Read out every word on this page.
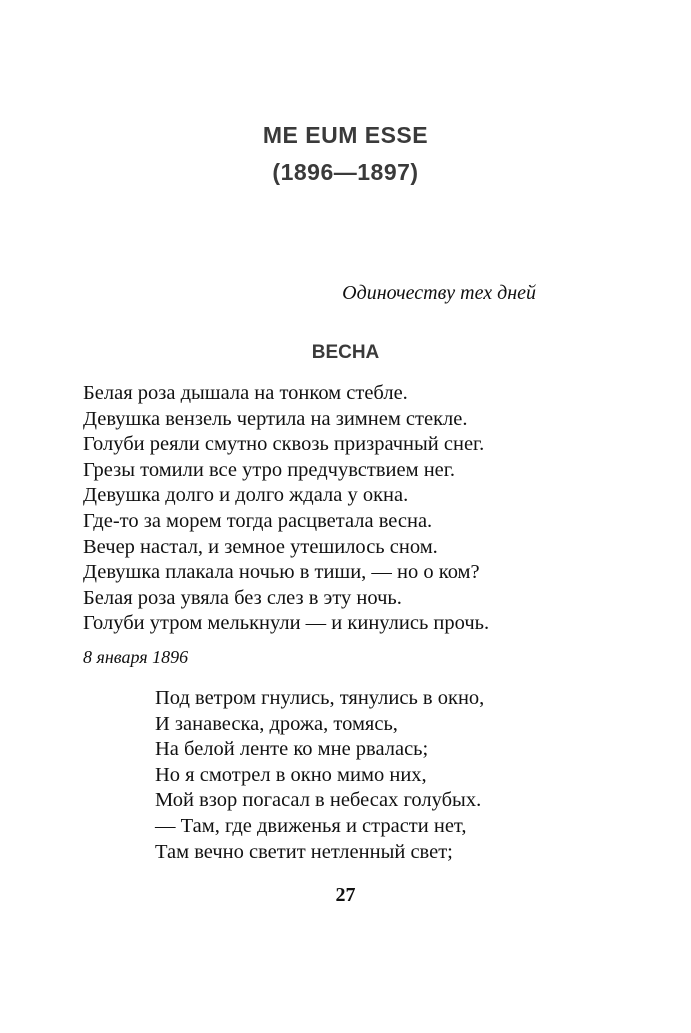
ME EUM ESSE
(1896—1897)

Одиночеству тех дней

ВЕСНА
Белая роза дышала на тонком стебле.
Девушка вензель чертила на зимнем стекле.
Голуби реяли смутно сквозь призрачный снег.
Грезы томили все утро предчувствием нег.
Девушка долго и долго ждала у окна.
Где-то за морем тогда расцветала весна.
Вечер настал, и земное утешилось сном.
Девушка плакала ночью в тиши, — но о ком?
Белая роза увяла без слез в эту ночь.
Голуби утром мелькнули — и кинулись прочь.

8 января 1896

Под ветром гнулись, тянулись в окно,
И занавеска, дрожа, томясь,
На белой ленте ко мне рвалась;
Но я смотрел в окно мимо них,
Мой взор погасал в небесах голубых.
— Там, где движенья и страсти нет,
Там вечно светит нетленный свет;

27
